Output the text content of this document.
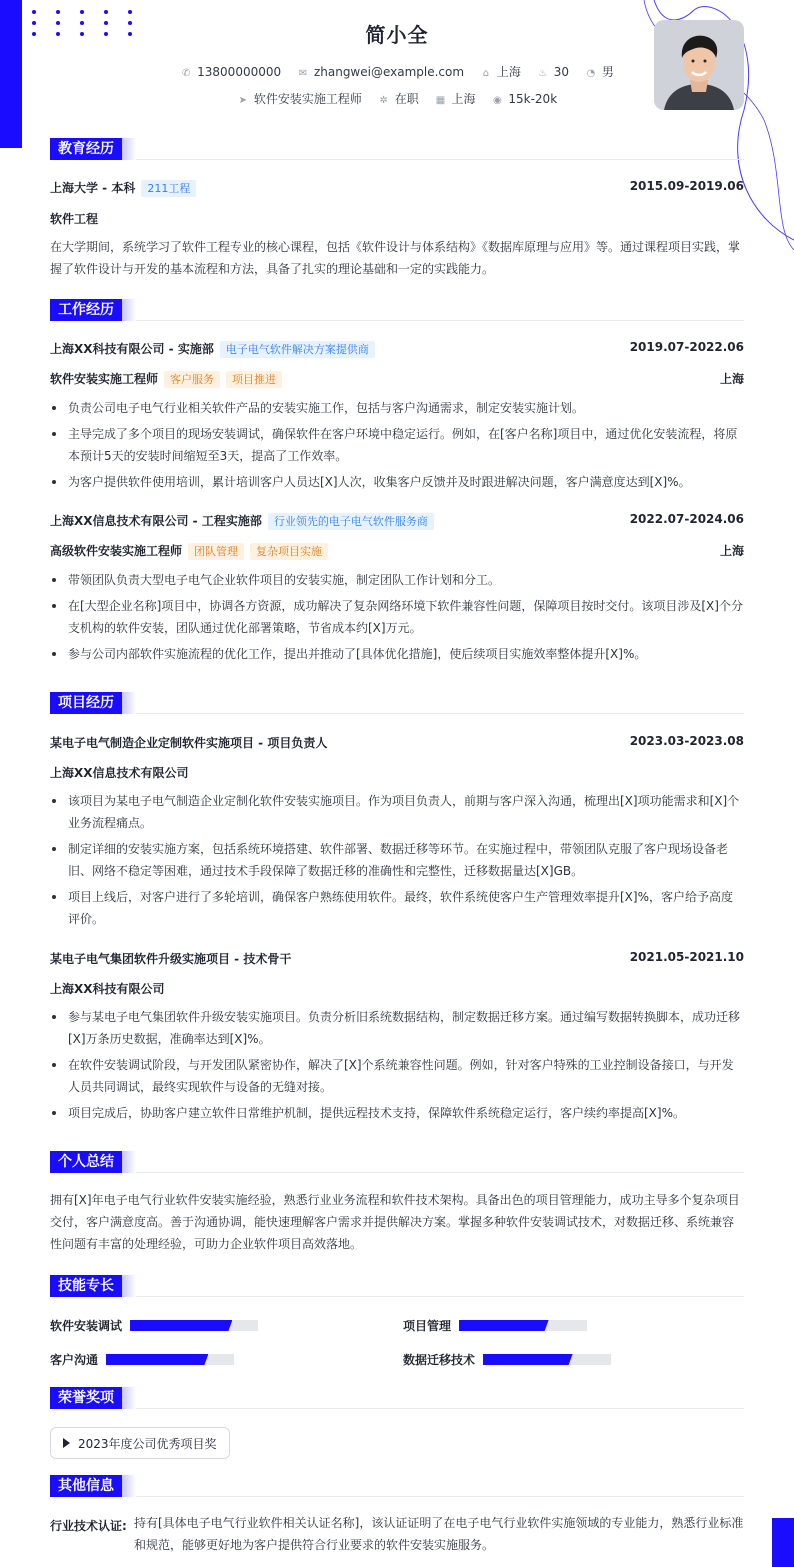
简小全
✆ 13800000000 ✉ zhangwei@example.com ⌂ 上海 ♨ 30 ◔ 男
➤ 软件安装实施工程师 ✲ 在职 ▦ 上海 ◉ 15k-20k
教育经历
上海大学 - 本科 211工程	2015.09-2019.06
软件工程
在大学期间，系统学习了软件工程专业的核心课程，包括《软件设计与体系结构》《数据库原理与应用》等。通过课程项目实践，掌握了软件设计与开发的基本流程和方法，具备了扎实的理论基础和一定的实践能力。
工作经历
上海XX科技有限公司 - 实施部 电子电气软件解决方案提供商	2019.07-2022.06
软件安装实施工程师 客户服务 项目推进	上海
负责公司电子电气行业相关软件产品的安装实施工作，包括与客户沟通需求，制定安装实施计划。
主导完成了多个项目的现场安装调试，确保软件在客户环境中稳定运行。例如，在[客户名称]项目中，通过优化安装流程，将原本预计5天的安装时间缩短至3天，提高了工作效率。
为客户提供软件使用培训，累计培训客户人员达[X]人次，收集客户反馈并及时跟进解决问题，客户满意度达到[X]%。
上海XX信息技术有限公司 - 工程实施部 行业领先的电子电气软件服务商	2022.07-2024.06
高级软件安装实施工程师 团队管理 复杂项目实施	上海
带领团队负责大型电子电气企业软件项目的安装实施，制定团队工作计划和分工。
在[大型企业名称]项目中，协调各方资源，成功解决了复杂网络环境下软件兼容性问题，保障项目按时交付。该项目涉及[X]个分支机构的软件安装，团队通过优化部署策略，节省成本约[X]万元。
参与公司内部软件实施流程的优化工作，提出并推动了[具体优化措施]，使后续项目实施效率整体提升[X]%。
项目经历
某电子电气制造企业定制软件实施项目 - 项目负责人	2023.03-2023.08
上海XX信息技术有限公司
该项目为某电子电气制造企业定制化软件安装实施项目。作为项目负责人，前期与客户深入沟通，梳理出[X]项功能需求和[X]个业务流程痛点。
制定详细的安装实施方案，包括系统环境搭建、软件部署、数据迁移等环节。在实施过程中，带领团队克服了客户现场设备老旧、网络不稳定等困难，通过技术手段保障了数据迁移的准确性和完整性，迁移数据量达[X]GB。
项目上线后，对客户进行了多轮培训，确保客户熟练使用软件。最终，软件系统使客户生产管理效率提升[X]%，客户给予高度评价。
某电子电气集团软件升级实施项目 - 技术骨干	2021.05-2021.10
上海XX科技有限公司
参与某电子电气集团软件升级安装实施项目。负责分析旧系统数据结构，制定数据迁移方案。通过编写数据转换脚本，成功迁移[X]万条历史数据，准确率达到[X]%。
在软件安装调试阶段，与开发团队紧密协作，解决了[X]个系统兼容性问题。例如，针对客户特殊的工业控制设备接口，与开发人员共同调试，最终实现软件与设备的无缝对接。
项目完成后，协助客户建立软件日常维护机制，提供远程技术支持，保障软件系统稳定运行，客户续约率提高[X]%。
个人总结
拥有[X]年电子电气行业软件安装实施经验，熟悉行业业务流程和软件技术架构。具备出色的项目管理能力，成功主导多个复杂项目交付，客户满意度高。善于沟通协调，能快速理解客户需求并提供解决方案。掌握多种软件安装调试技术，对数据迁移、系统兼容性问题有丰富的处理经验，可助力企业软件项目高效落地。
技能专长
软件安装调试	项目管理
客户沟通	数据迁移技术
荣誉奖项
2023年度公司优秀项目奖
其他信息
行业技术认证: 持有[具体电子电气行业软件相关认证名称]，该认证证明了在电子电气行业软件实施领域的专业能力，熟悉行业标准和规范，能够更好地为客户提供符合行业要求的软件安装实施服务。
